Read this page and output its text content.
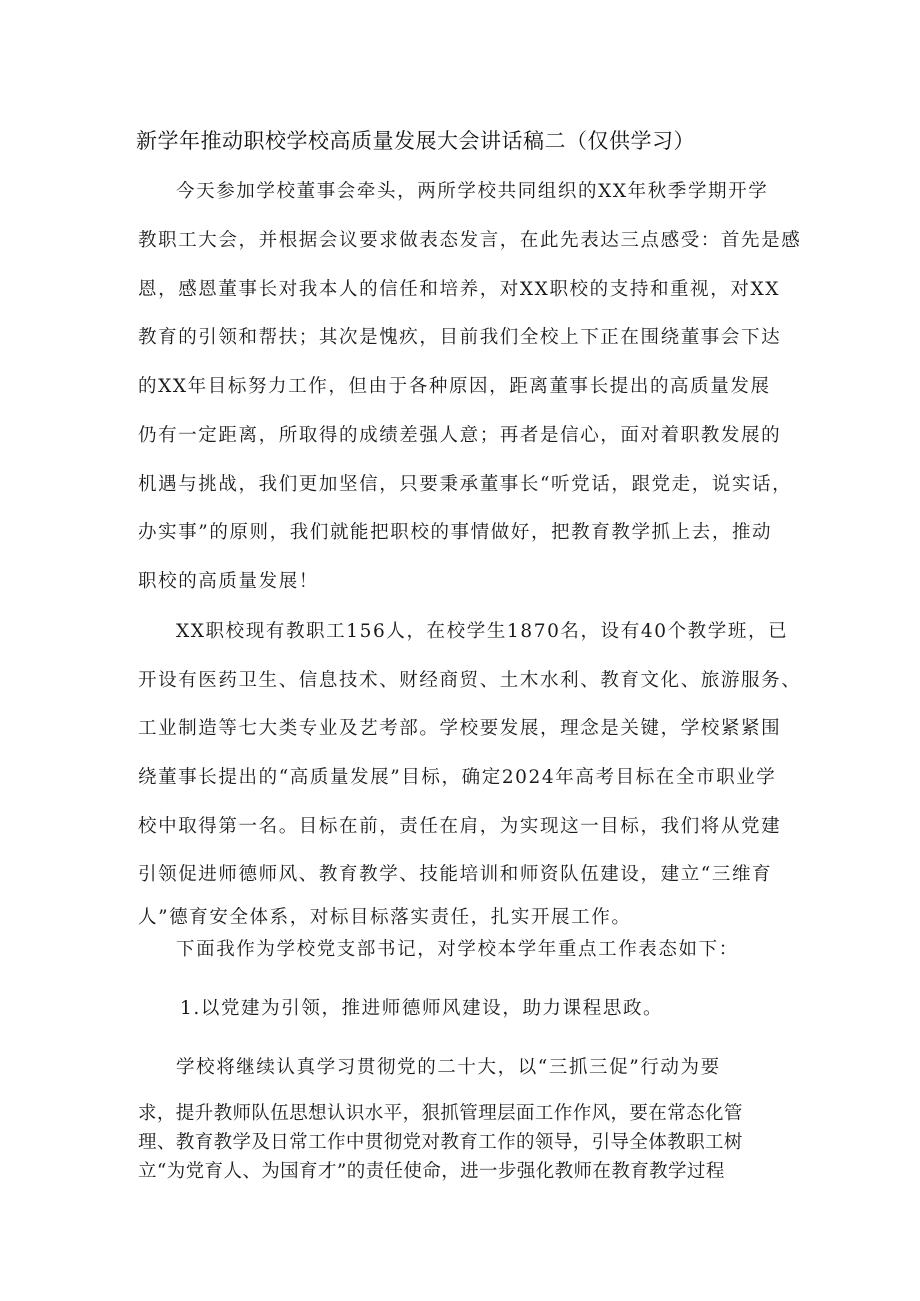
新学年推动职校学校高质量发展大会讲话稿二（仅供学习）
今天参加学校董事会牵头，两所学校共同组织的XX年秋季学期开学
教职工大会，并根据会议要求做表态发言，在此先表达三点感受：首先是感
恩，感恩董事长对我本人的信任和培养，对XX职校的支持和重视，对XX
教育的引领和帮扶；其次是愧疚，目前我们全校上下正在围绕董事会下达
的XX年目标努力工作，但由于各种原因，距离董事长提出的高质量发展
仍有一定距离，所取得的成绩差强人意；再者是信心，面对着职教发展的
机遇与挑战，我们更加坚信，只要秉承董事长“听党话，跟党走，说实话，
办实事”的原则，我们就能把职校的事情做好，把教育教学抓上去，推动
职校的高质量发展！
XX职校现有教职工156人，在校学生1870名，设有40个教学班，已
开设有医药卫生、信息技术、财经商贸、土木水利、教育文化、旅游服务、
工业制造等七大类专业及艺考部。学校要发展，理念是关键，学校紧紧围
绕董事长提出的“高质量发展”目标，确定2024年高考目标在全市职业学
校中取得第一名。目标在前，责任在肩，为实现这一目标，我们将从党建
引领促进师德师风、教育教学、技能培训和师资队伍建设，建立“三维育
人”德育安全体系，对标目标落实责任，扎实开展工作。
下面我作为学校党支部书记，对学校本学年重点工作表态如下：
1.以党建为引领，推进师德师风建设，助力课程思政。
学校将继续认真学习贯彻党的二十大，以“三抓三促”行动为要
求，提升教师队伍思想认识水平，狠抓管理层面工作作风，要在常态化管
理、教育教学及日常工作中贯彻党对教育工作的领导，引导全体教职工树
立“为党育人、为国育才”的责任使命，进一步强化教师在教育教学过程
